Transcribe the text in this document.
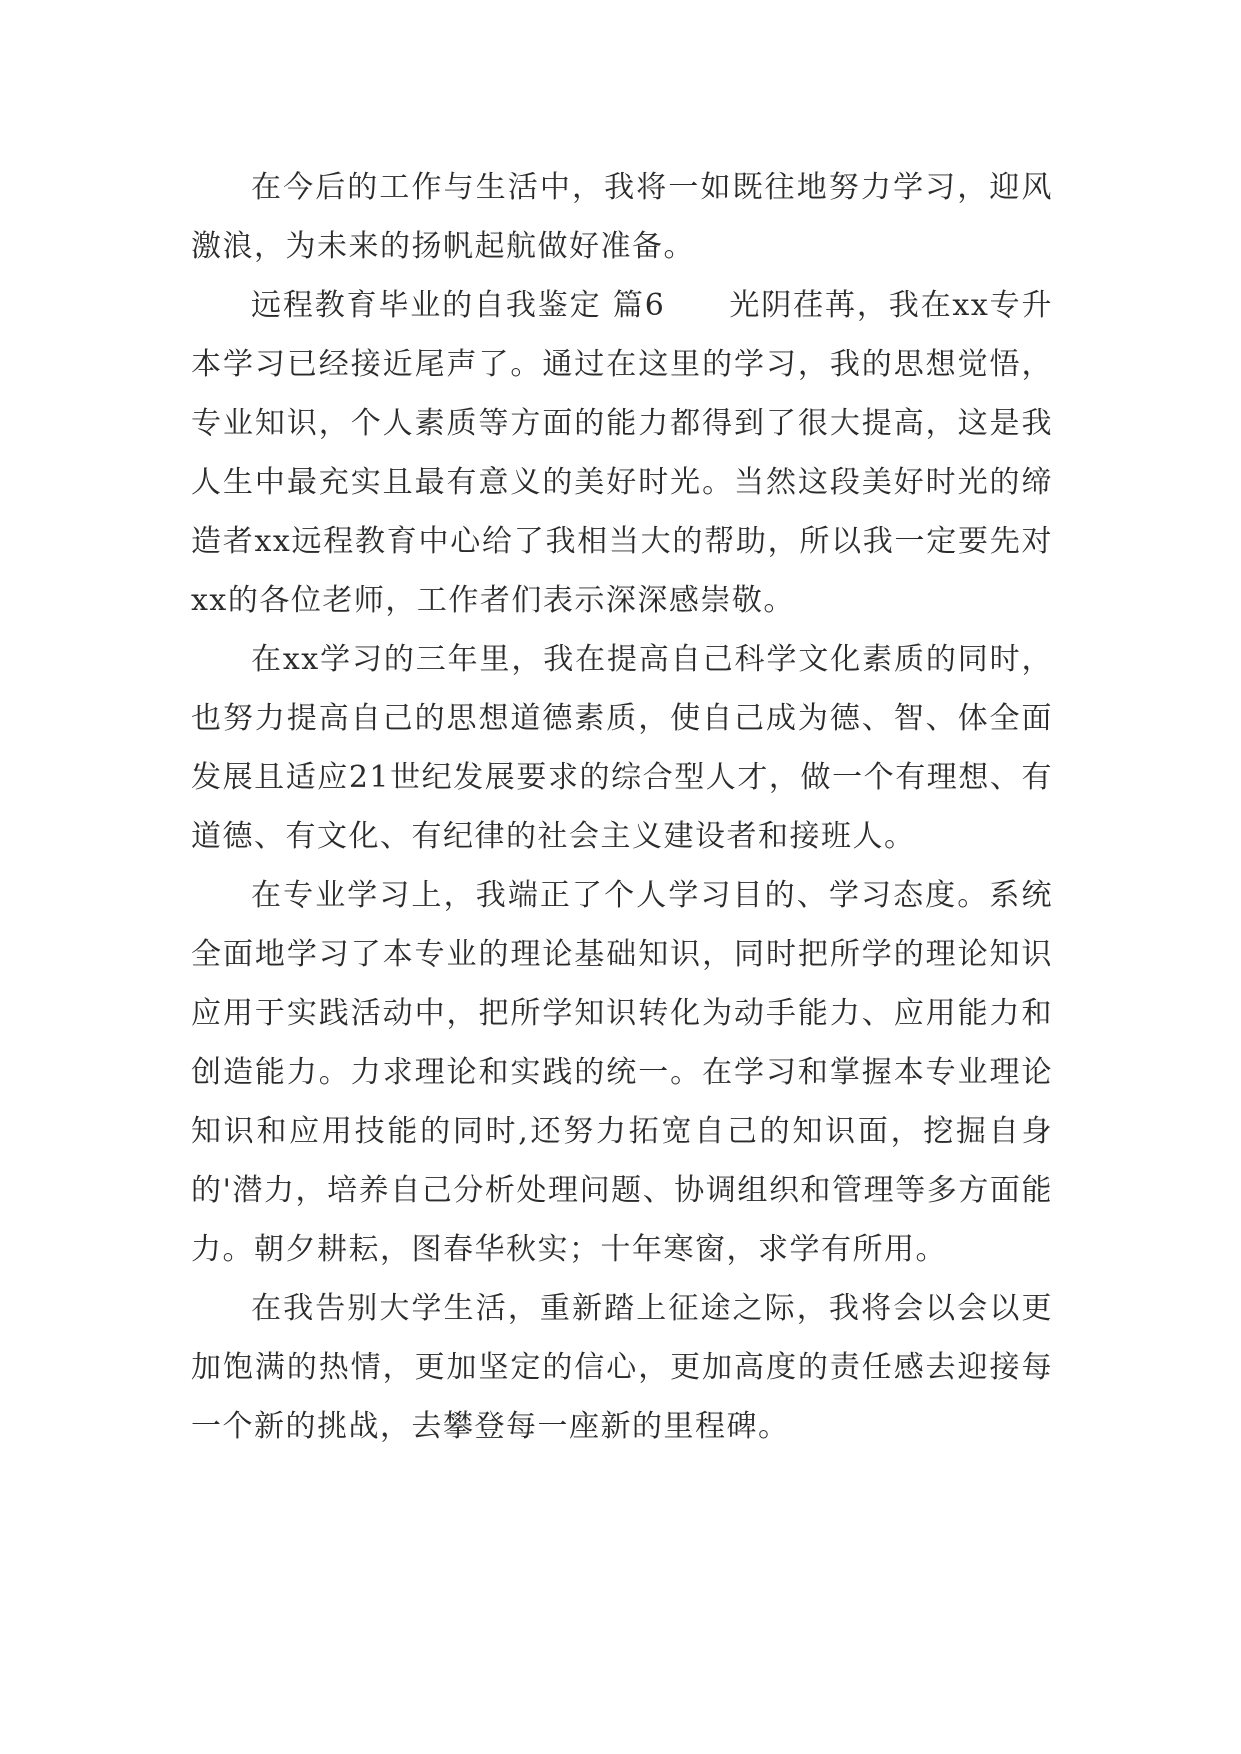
在今后的工作与生活中，我将一如既往地努力学习，迎风激浪，为未来的扬帆起航做好准备。

远程教育毕业的自我鉴定 篇6　　光阴荏苒，我在xx专升本学习已经接近尾声了。通过在这里的学习，我的思想觉悟，专业知识，个人素质等方面的能力都得到了很大提高，这是我人生中最充实且最有意义的美好时光。当然这段美好时光的缔造者xx远程教育中心给了我相当大的帮助，所以我一定要先对xx的各位老师，工作者们表示深深感崇敬。

在xx学习的三年里，我在提高自己科学文化素质的同时，也努力提高自己的思想道德素质，使自己成为德、智、体全面发展且适应21世纪发展要求的综合型人才，做一个有理想、有道德、有文化、有纪律的社会主义建设者和接班人。

在专业学习上，我端正了个人学习目的、学习态度。系统全面地学习了本专业的理论基础知识，同时把所学的理论知识应用于实践活动中，把所学知识转化为动手能力、应用能力和创造能力。力求理论和实践的统一。在学习和掌握本专业理论知识和应用技能的同时,还努力拓宽自己的知识面，挖掘自身的'潜力，培养自己分析处理问题、协调组织和管理等多方面能力。朝夕耕耘，图春华秋实；十年寒窗，求学有所用。

在我告别大学生活，重新踏上征途之际，我将会以会以更加饱满的热情，更加坚定的信心，更加高度的责任感去迎接每一个新的挑战，去攀登每一座新的里程碑。
